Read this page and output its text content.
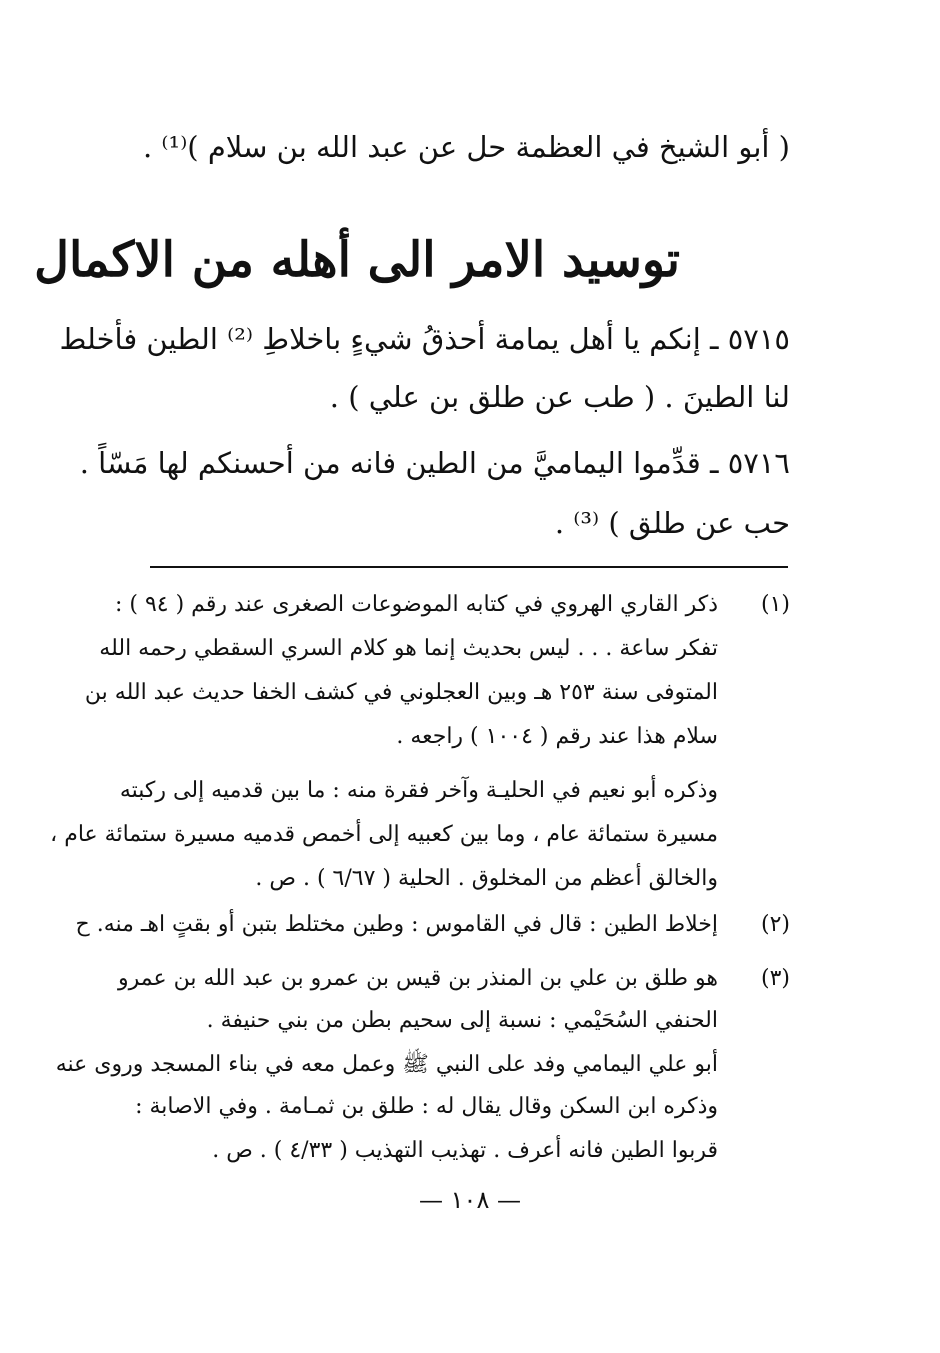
( أبو الشيخ في العظمة حل عن عبد الله بن سلام )⁽¹⁾ .
توسيد الامر الى أهله من الاكمال
٥٧١٥ ـ إنكم يا أهل يمامة أحذقُ شيءٍ باخلاطِ ⁽²⁾ الطين فأخلط
لنا الطينَ . ( طب عن طلق بن علي ) .
٥٧١٦ ـ قدِّموا اليماميَّ من الطين فانه من أحسنكم لها مَسّاً .
حب عن طلق ) ⁽³⁾ .
(١)
ذكر القاري الهروي في كتابه الموضوعات الصغرى عند رقم ( ٩٤ ) :
تفكر ساعة . . . ليس بحديث إنما هو كلام السري السقطي رحمه الله
المتوفى سنة ٢٥٣ هـ وبين العجلوني في كشف الخفا حديث عبد الله بن
سلام هذا عند رقم ( ١٠٠٤ ) راجعه .
وذكره أبو نعيم في الحليـة وآخر فقرة منه : ما بين قدميه إلى ركبته
مسيرة ستمائة عام ، وما بين كعبيه إلى أخمص قدميه مسيرة ستمائة عام ،
والخالق أعظم من المخلوق . الحلية ( ٦/٦٧ ) . ص .
(٢)
إخلاط الطين : قال في القاموس : وطين مختلط بتبن أو بقتٍ اهـ منه. ح
(٣)
هو طلق بن علي بن المنذر بن قيس بن عمرو بن عبد الله بن عمرو
الحنفي السُحَيْمي : نسبة إلى سحيم بطن من بني حنيفة .
أبو علي اليمامي وفد على النبي ﷺ وعمل معه في بناء المسجد وروى عنه
وذكره ابن السكن وقال يقال له : طلق بن ثمـامة . وفي الاصابة :
قربوا الطين فانه أعرف . تهذيب التهذيب ( ٤/٣٣ ) . ص .
— ١٠٨ —
